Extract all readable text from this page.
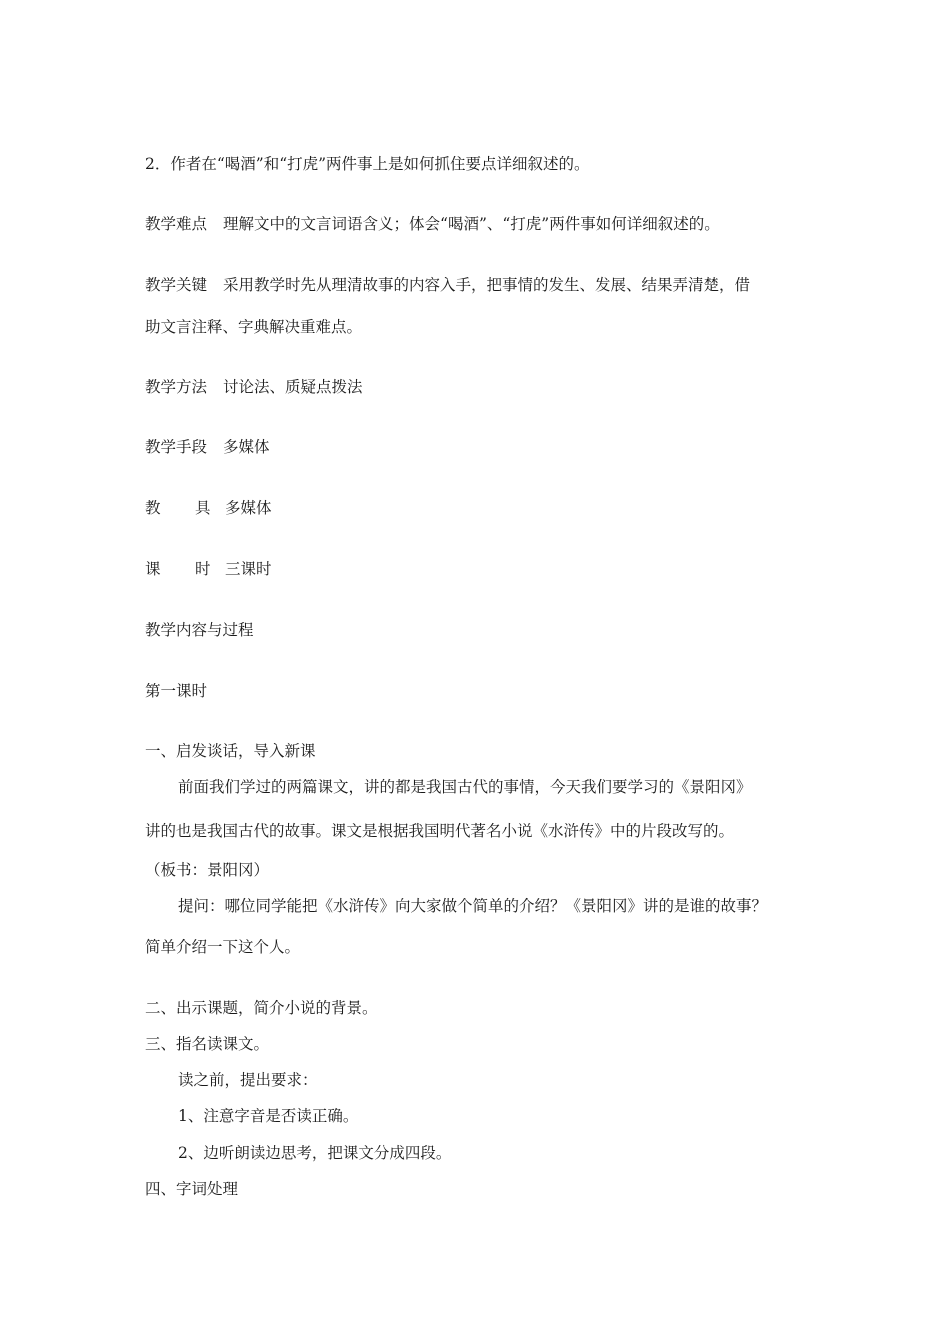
2．作者在“喝酒”和“打虎”两件事上是如何抓住要点详细叙述的。
教学难点 理解文中的文言词语含义；体会“喝酒”、“打虎”两件事如何详细叙述的。
教学关键 采用教学时先从理清故事的内容入手，把事情的发生、发展、结果弄清楚，借
助文言注释、字典解决重难点。
教学方法 讨论法、质疑点拨法
教学手段 多媒体
教 具 多媒体
课 时 三课时
教学内容与过程
第一课时
一、启发谈话，导入新课
前面我们学过的两篇课文，讲的都是我国古代的事情，今天我们要学习的《景阳冈》
讲的也是我国古代的故事。课文是根据我国明代著名小说《水浒传》中的片段改写的。
（板书：景阳冈）
提问：哪位同学能把《水浒传》向大家做个简单的介绍？《景阳冈》讲的是谁的故事？
简单介绍一下这个人。
二、出示课题，简介小说的背景。
三、指名读课文。
读之前，提出要求：
1、注意字音是否读正确。
2、边听朗读边思考，把课文分成四段。
四、字词处理
